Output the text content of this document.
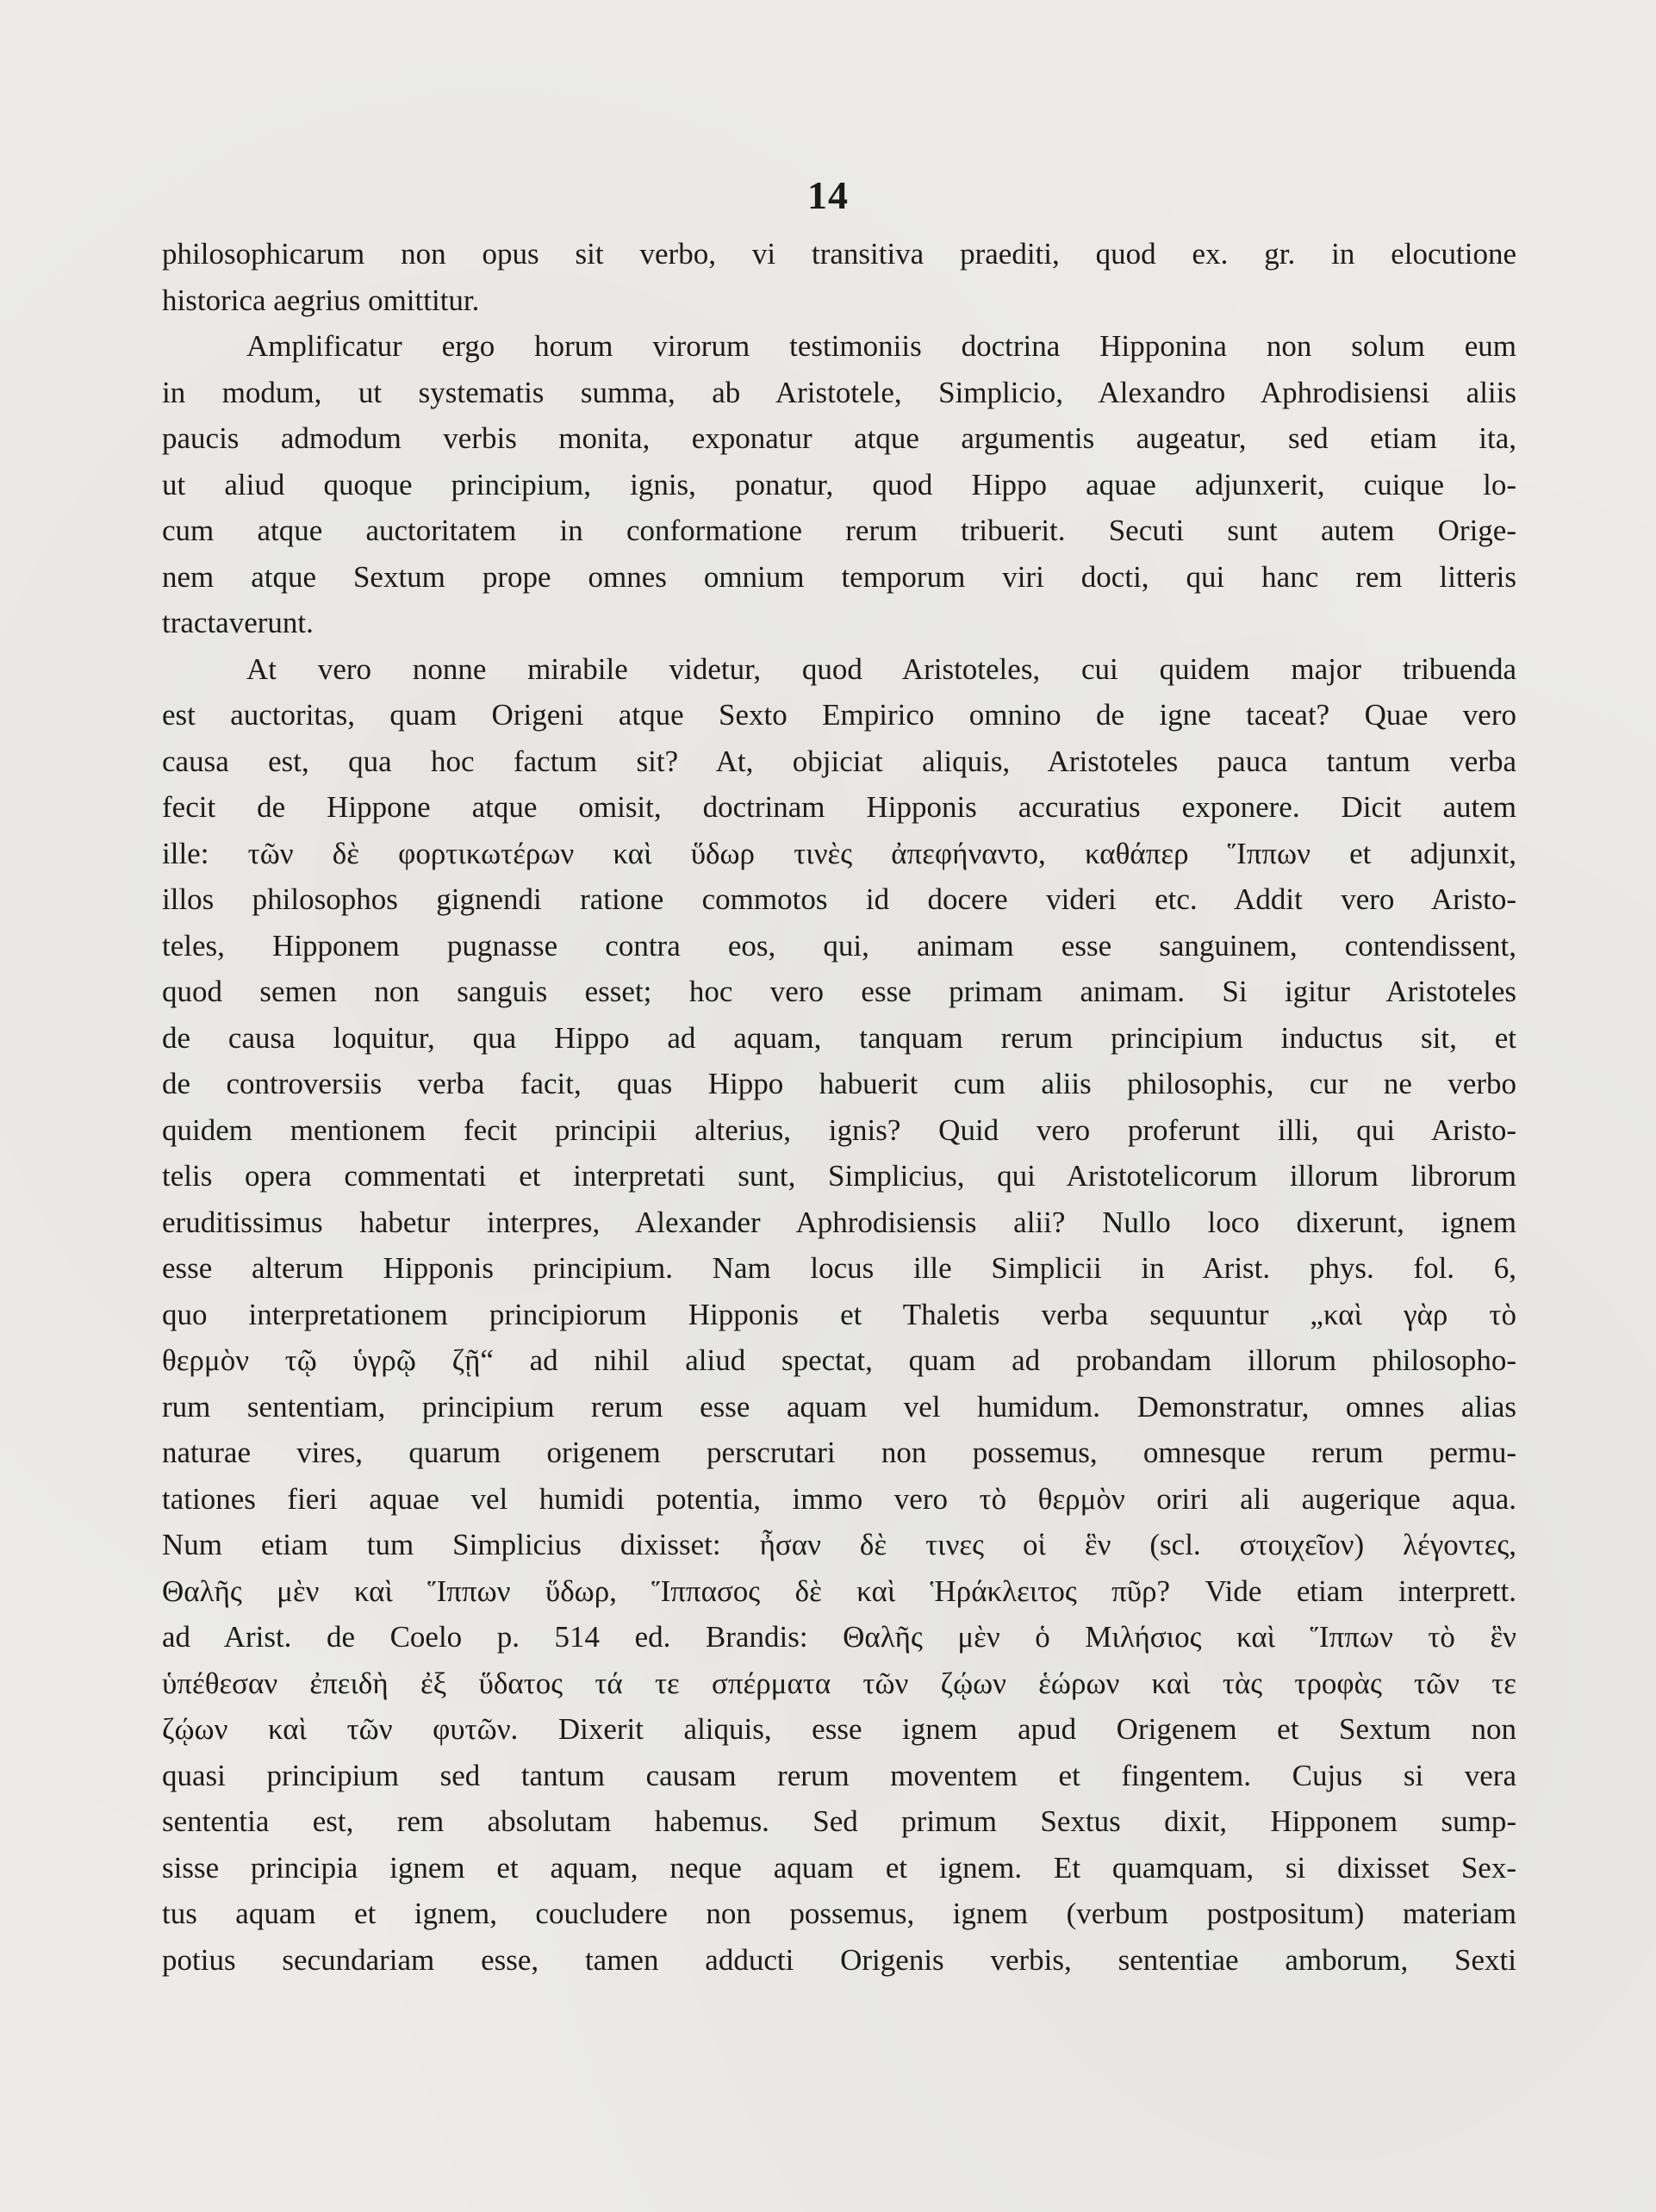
14
philosophicarum non opus sit verbo, vi transitiva praediti, quod ex. gr. in elocutione
historica aegrius omittitur.
Amplificatur ergo horum virorum testimoniis doctrina Hipponina non solum eum
in modum, ut systematis summa, ab Aristotele, Simplicio, Alexandro Aphrodisiensi aliis
paucis admodum verbis monita, exponatur atque argumentis augeatur, sed etiam ita,
ut aliud quoque principium, ignis, ponatur, quod Hippo aquae adjunxerit, cuique lo-
cum atque auctoritatem in conformatione rerum tribuerit. Secuti sunt autem Orige-
nem atque Sextum prope omnes omnium temporum viri docti, qui hanc rem litteris
tractaverunt.
At vero nonne mirabile videtur, quod Aristoteles, cui quidem major tribuenda
est auctoritas, quam Origeni atque Sexto Empirico omnino de igne taceat? Quae vero
causa est, qua hoc factum sit? At, objiciat aliquis, Aristoteles pauca tantum verba
fecit de Hippone atque omisit, doctrinam Hipponis accuratius exponere. Dicit autem
ille: τῶν δὲ φορτικωτέρων καὶ ὕδωρ τινὲς ἀπεφήναντο, καθάπερ Ἵππων et adjunxit,
illos philosophos gignendi ratione commotos id docere videri etc. Addit vero Aristo-
teles, Hipponem pugnasse contra eos, qui, animam esse sanguinem, contendissent,
quod semen non sanguis esset; hoc vero esse primam animam. Si igitur Aristoteles
de causa loquitur, qua Hippo ad aquam, tanquam rerum principium inductus sit, et
de controversiis verba facit, quas Hippo habuerit cum aliis philosophis, cur ne verbo
quidem mentionem fecit principii alterius, ignis? Quid vero proferunt illi, qui Aristo-
telis opera commentati et interpretati sunt, Simplicius, qui Aristotelicorum illorum librorum
eruditissimus habetur interpres, Alexander Aphrodisiensis alii? Nullo loco dixerunt, ignem
esse alterum Hipponis principium. Nam locus ille Simplicii in Arist. phys. fol. 6,
quo interpretationem principiorum Hipponis et Thaletis verba sequuntur „καὶ γὰρ τὸ
θερμὸν τῷ ὑγρῷ ζῇ“ ad nihil aliud spectat, quam ad probandam illorum philosopho-
rum sententiam, principium rerum esse aquam vel humidum. Demonstratur, omnes alias
naturae vires, quarum origenem perscrutari non possemus, omnesque rerum permu-
tationes fieri aquae vel humidi potentia, immo vero τὸ θερμὸν oriri ali augerique aqua.
Num etiam tum Simplicius dixisset: ἦσαν δὲ τινες οἱ ἓν (scl. στοιχεῖον) λέγοντες,
Θαλῆς μὲν καὶ Ἵππων ὕδωρ, Ἵππασος δὲ καὶ Ἡράκλειτος πῦρ? Vide etiam interprett.
ad Arist. de Coelo p. 514 ed. Brandis: Θαλῆς μὲν ὁ Μιλήσιος καὶ Ἵππων τὸ ἓν
ὑπέθεσαν ἐπειδὴ ἐξ ὕδατος τά τε σπέρματα τῶν ζῴων ἑώρων καὶ τὰς τροφὰς τῶν τε
ζῴων καὶ τῶν φυτῶν. Dixerit aliquis, esse ignem apud Origenem et Sextum non
quasi principium sed tantum causam rerum moventem et fingentem. Cujus si vera
sententia est, rem absolutam habemus. Sed primum Sextus dixit, Hipponem sump-
sisse principia ignem et aquam, neque aquam et ignem. Et quamquam, si dixisset Sex-
tus aquam et ignem, coucludere non possemus, ignem (verbum postpositum) materiam
potius secundariam esse, tamen adducti Origenis verbis, sententiae amborum, Sexti
